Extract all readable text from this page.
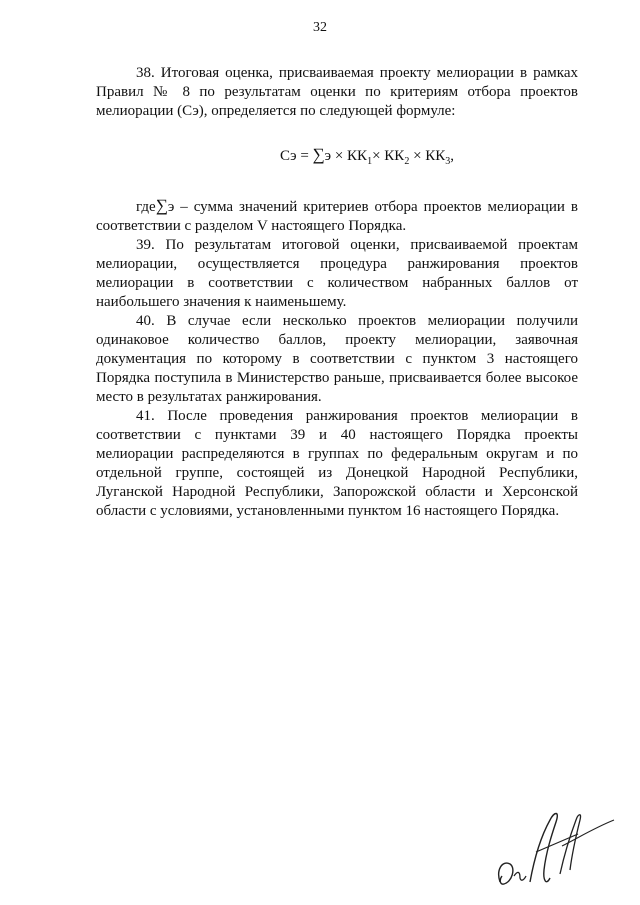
32

38. Итоговая оценка, присваиваемая проекту мелиорации в рамках Правил № 8 по результатам оценки по критериям отбора проектов мелиорации (Сэ), определяется по следующей формуле:

Сэ = $\sum э \times КК_1\times КК_2 \times КК_3$,

где∑э – сумма значений критериев отбора проектов мелиорации в соответствии с разделом V настоящего Порядка.

39. По результатам итоговой оценки, присваиваемой проектам мелиорации, осуществляется процедура ранжирования проектов мелиорации в соответствии с количеством набранных баллов от наибольшего значения к наименьшему.

40. В случае если несколько проектов мелиорации получили одинаковое количество баллов, проекту мелиорации, заявочная документация по которому в соответствии с пунктом 3 настоящего Порядка поступила в Министерство раньше, присваивается более высокое место в результатах ранжирования.

41. После проведения ранжирования проектов мелиорации в соответствии с пунктами 39 и 40 настоящего Порядка проекты мелиорации распределяются в группах по федеральным округам и по отдельной группе, состоящей из Донецкой Народной Республики, Луганской Народной Республики, Запорожской области и Херсонской области с условиями, установленными пунктом 16 настоящего Порядка.
